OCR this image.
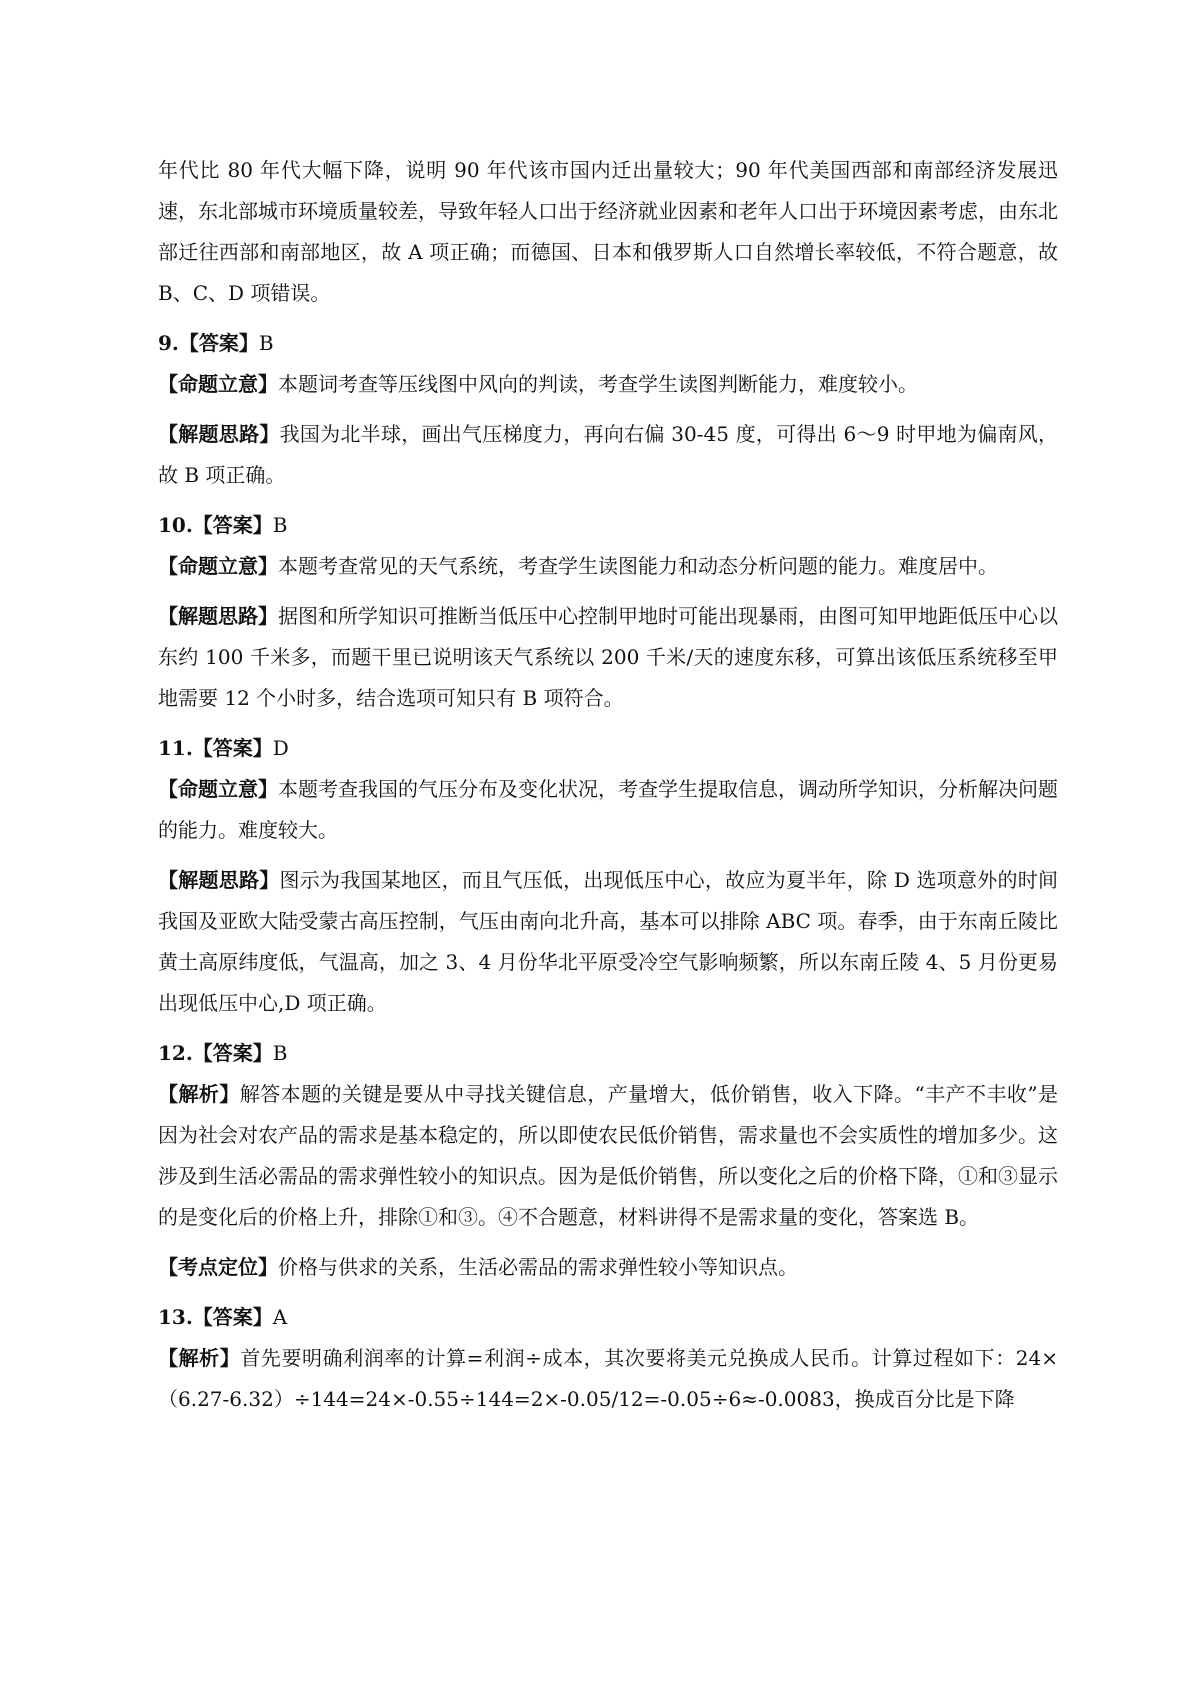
年代比 80 年代大幅下降，说明 90 年代该市国内迁出量较大；90 年代美国西部和南部经济发展迅速，东北部城市环境质量较差，导致年轻人口出于经济就业因素和老年人口出于环境因素考虑，由东北部迁往西部和南部地区，故 A 项正确；而德国、日本和俄罗斯人口自然增长率较低，不符合题意，故 B、C、D 项错误。

9.【答案】B

【命题立意】本题词考查等压线图中风向的判读，考查学生读图判断能力，难度较小。

【解题思路】我国为北半球，画出气压梯度力，再向右偏 30-45 度，可得出 6～9 时甲地为偏南风，故 B 项正确。

10.【答案】B

【命题立意】本题考查常见的天气系统，考查学生读图能力和动态分析问题的能力。难度居中。

【解题思路】据图和所学知识可推断当低压中心控制甲地时可能出现暴雨，由图可知甲地距低压中心以东约 100 千米多，而题干里已说明该天气系统以 200 千米/天的速度东移，可算出该低压系统移至甲地需要 12 个小时多，结合选项可知只有 B 项符合。

11.【答案】D

【命题立意】本题考查我国的气压分布及变化状况，考查学生提取信息，调动所学知识，分析解决问题的能力。难度较大。

【解题思路】图示为我国某地区，而且气压低，出现低压中心，故应为夏半年，除 D 选项意外的时间我国及亚欧大陆受蒙古高压控制，气压由南向北升高，基本可以排除 ABC 项。春季，由于东南丘陵比黄土高原纬度低，气温高，加之 3、4 月份华北平原受冷空气影响频繁，所以东南丘陵 4、5 月份更易出现低压中心,D 项正确。

12.【答案】B

【解析】解答本题的关键是要从中寻找关键信息，产量增大，低价销售，收入下降。“丰产不丰收”是因为社会对农产品的需求是基本稳定的，所以即使农民低价销售，需求量也不会实质性的增加多少。这涉及到生活必需品的需求弹性较小的知识点。因为是低价销售，所以变化之后的价格下降，①和③显示的是变化后的价格上升，排除①和③。④不合题意，材料讲得不是需求量的变化，答案选 B。

【考点定位】价格与供求的关系，生活必需品的需求弹性较小等知识点。

13.【答案】A

【解析】首先要明确利润率的计算=利润÷成本，其次要将美元兑换成人民币。计算过程如下：24×（6.27-6.32）÷144=24×-0.55÷144=2×-0.05/12=-0.05÷6≈-0.0083，换成百分比是下降
